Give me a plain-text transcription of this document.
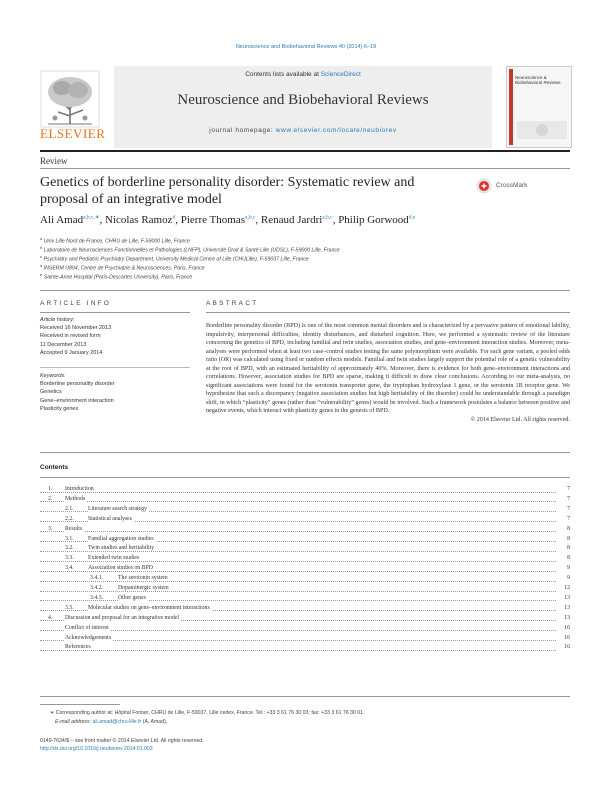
Neuroscience and Biobehavioral Reviews 40 (2014) 6–19
ELSEVIER
Contents lists available at ScienceDirect
Neuroscience and Biobehavioral Reviews
journal homepage: www.elsevier.com/locate/neubiorev
Neuroscience & Biobehavioral Reviews
Review
Genetics of borderline personality disorder: Systematic review and proposal of an integrative model
CrossMark
Ali Amad$^{a,b,c,∗}$, Nicolas Ramoz$^d$, Pierre Thomas$^{a,b,c}$, Renaud Jardri$^{a,b,c}$, Philip Gorwood$^{d,e}$
$^a$ Univ Lille Nord de France, CHRU de Lille, F-59000 Lille, France
$^b$ Laboratoire de Neurosciences Fonctionnelles et Pathologies (LNFP), Université Droit & Santé Lille (UDSL), F-59000 Lille, France
$^c$ Psychiatry and Pediatric Psychiatry Department, University Medical Centre of Lille (CHULille), F-59037 Lille, France
$^d$ INSERM U894, Centre de Psychiatrie & Neurosciences, Paris, France
$^e$ Sainte-Anne Hospital (Paris-Descartes University), Paris, France
ARTICLE INFO	ABSTRACT
Article history:
Received 16 November 2013
Received in revised form
11 December 2013
Accepted 9 January 2014
Keywords:
Borderline personality disorder
Genetics
Gene–environment interaction
Plasticity genes
Borderline personality disorder (BPD) is one of the most common mental disorders and is characterized by a pervasive pattern of emotional lability, impulsivity, interpersonal difficulties, identity disturbances, and disturbed cognition. Here, we performed a systematic review of the literature concerning the genetics of BPD, including familial and twin studies, association studies, and gene–environment interaction studies. Moreover, meta-analyses were performed when at least two case–control studies testing the same polymorphism were available. For each gene variant, a pooled odds ratio (OR) was calculated using fixed or random effects models. Familial and twin studies largely support the potential role of a genetic vulnerability at the root of BPD, with an estimated heritability of approximately 40%. Moreover, there is evidence for both gene–environment interactions and correlations. However, association studies for BPD are sparse, making it difficult to draw clear conclusions. According to our meta-analysis, no significant associations were found for the serotonin transporter gene, the tryptophan hydroxylase 1 gene, or the serotonin 1B receptor gene. We hypothesize that such a discrepancy (negative association studies but high heritability of the disorder) could be understandable through a paradigm shift, in which “plasticity” genes (rather than “vulnerability” genes) would be involved. Such a framework postulates a balance between positive and negative events, which interact with plasticity genes in the genesis of BPD.
© 2014 Elsevier Ltd. All rights reserved.
Contents
1. Introduction	7
2. Methods	7
2.1. Literature search strategy	7
2.2. Statistical analyses	7
3. Results	8
3.1. Familial aggregation studies	8
3.2. Twin studies and heritability	8
3.3. Extended twin studies	8
3.4. Association studies on BPD	9
3.4.1.	The serotonin system	9
3.4.2.	Dopaminergic system	12
3.4.3.	Other genes	13
3.5. Molecular studies on gene–environment interactions	13
4. Discussion and proposal for an integrative model	13
Conflict of interest	16
Acknowledgements	16
References	16
∗ Corresponding author at: Hôpital Fontan, CHRU de Lille, F-59037, Lille cedex, France. Tel.: +33 3 61 76 30 03; fax: +33 3 61 76 30 01.
E-mail address: ali.amad@chru-lille.fr (A. Amad).
0149-7634/$ – see front matter © 2014 Elsevier Ltd. All rights reserved.
http://dx.doi.org/10.1016/j.neubiorev.2014.01.003
